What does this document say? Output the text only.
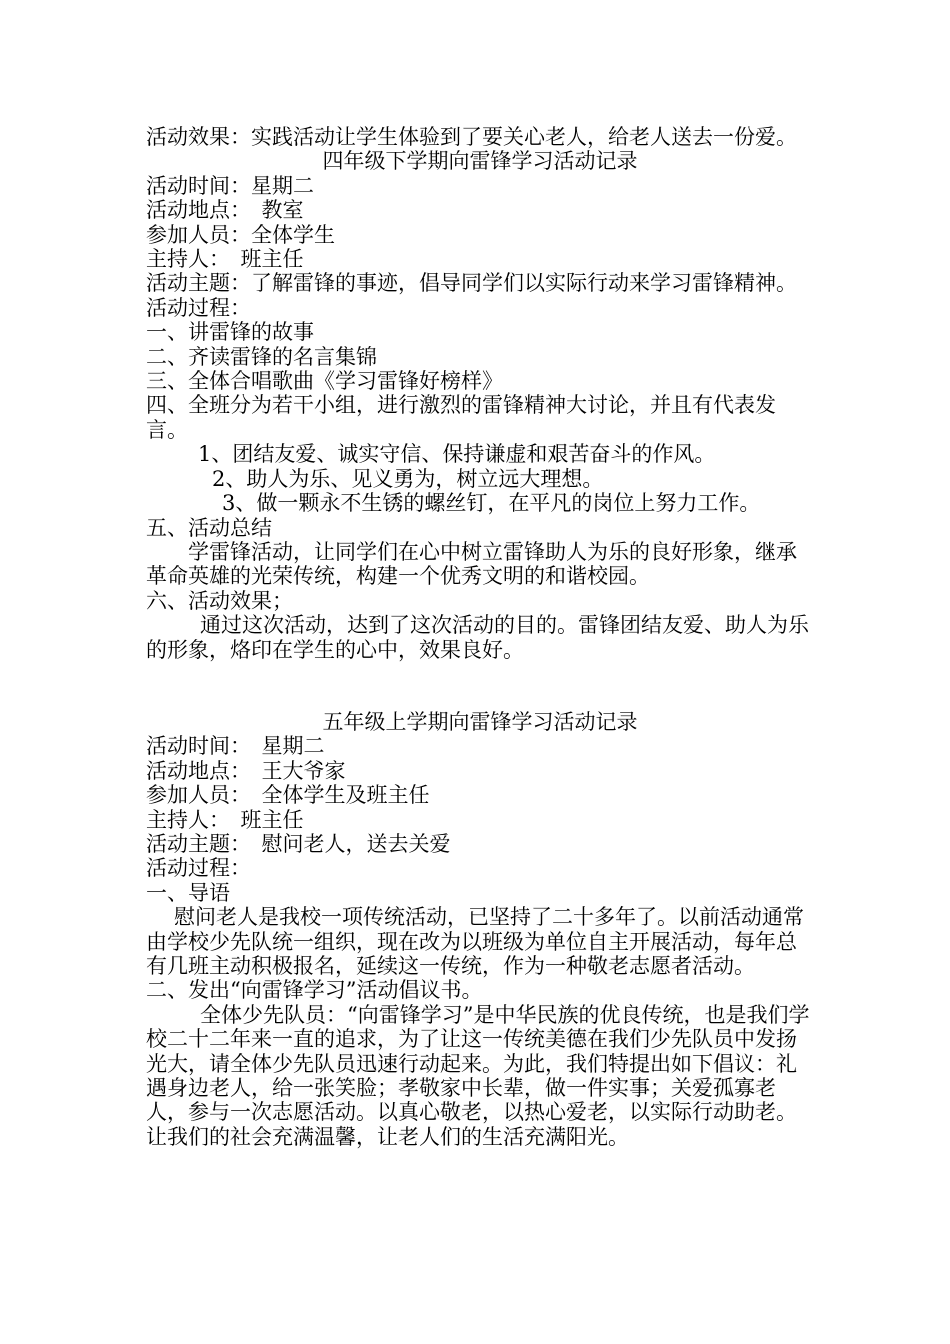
活动效果：实践活动让学生体验到了要关心老人，给老人送去一份爱。
四年级下学期向雷锋学习活动记录
活动时间：星期二
活动地点：　教室
参加人员：全体学生
主持人：　班主任
活动主题：了解雷锋的事迹，倡导同学们以实际行动来学习雷锋精神。
活动过程：
一、讲雷锋的故事
二、齐读雷锋的名言集锦
三、全体合唱歌曲《学习雷锋好榜样》
四、全班分为若干小组，进行激烈的雷锋精神大讨论，并且有代表发言。
1、团结友爱、诚实守信、保持谦虚和艰苦奋斗的作风。
2、助人为乐、见义勇为，树立远大理想。
3、做一颗永不生锈的螺丝钉，在平凡的岗位上努力工作。
五、活动总结
学雷锋活动，让同学们在心中树立雷锋助人为乐的良好形象，继承革命英雄的光荣传统，构建一个优秀文明的和谐校园。
六、活动效果；
通过这次活动，达到了这次活动的目的。雷锋团结友爱、助人为乐的形象，烙印在学生的心中，效果良好。
五年级上学期向雷锋学习活动记录
活动时间：　星期二
活动地点：　王大爷家
参加人员：　全体学生及班主任
主持人：　班主任
活动主题：　慰问老人，送去关爱
活动过程：
一、导语
慰问老人是我校一项传统活动，已坚持了二十多年了。以前活动通常由学校少先队统一组织，现在改为以班级为单位自主开展活动，每年总有几班主动积极报名，延续这一传统，作为一种敬老志愿者活动。
二、发出“向雷锋学习”活动倡议书。
全体少先队员：“向雷锋学习”是中华民族的优良传统，也是我们学校二十二年来一直的追求，为了让这一传统美德在我们少先队员中发扬光大，请全体少先队员迅速行动起来。为此，我们特提出如下倡议：礼遇身边老人，给一张笑脸；孝敬家中长辈，做一件实事；关爱孤寡老人，参与一次志愿活动。以真心敬老，以热心爱老，以实际行动助老。让我们的社会充满温馨，让老人们的生活充满阳光。
